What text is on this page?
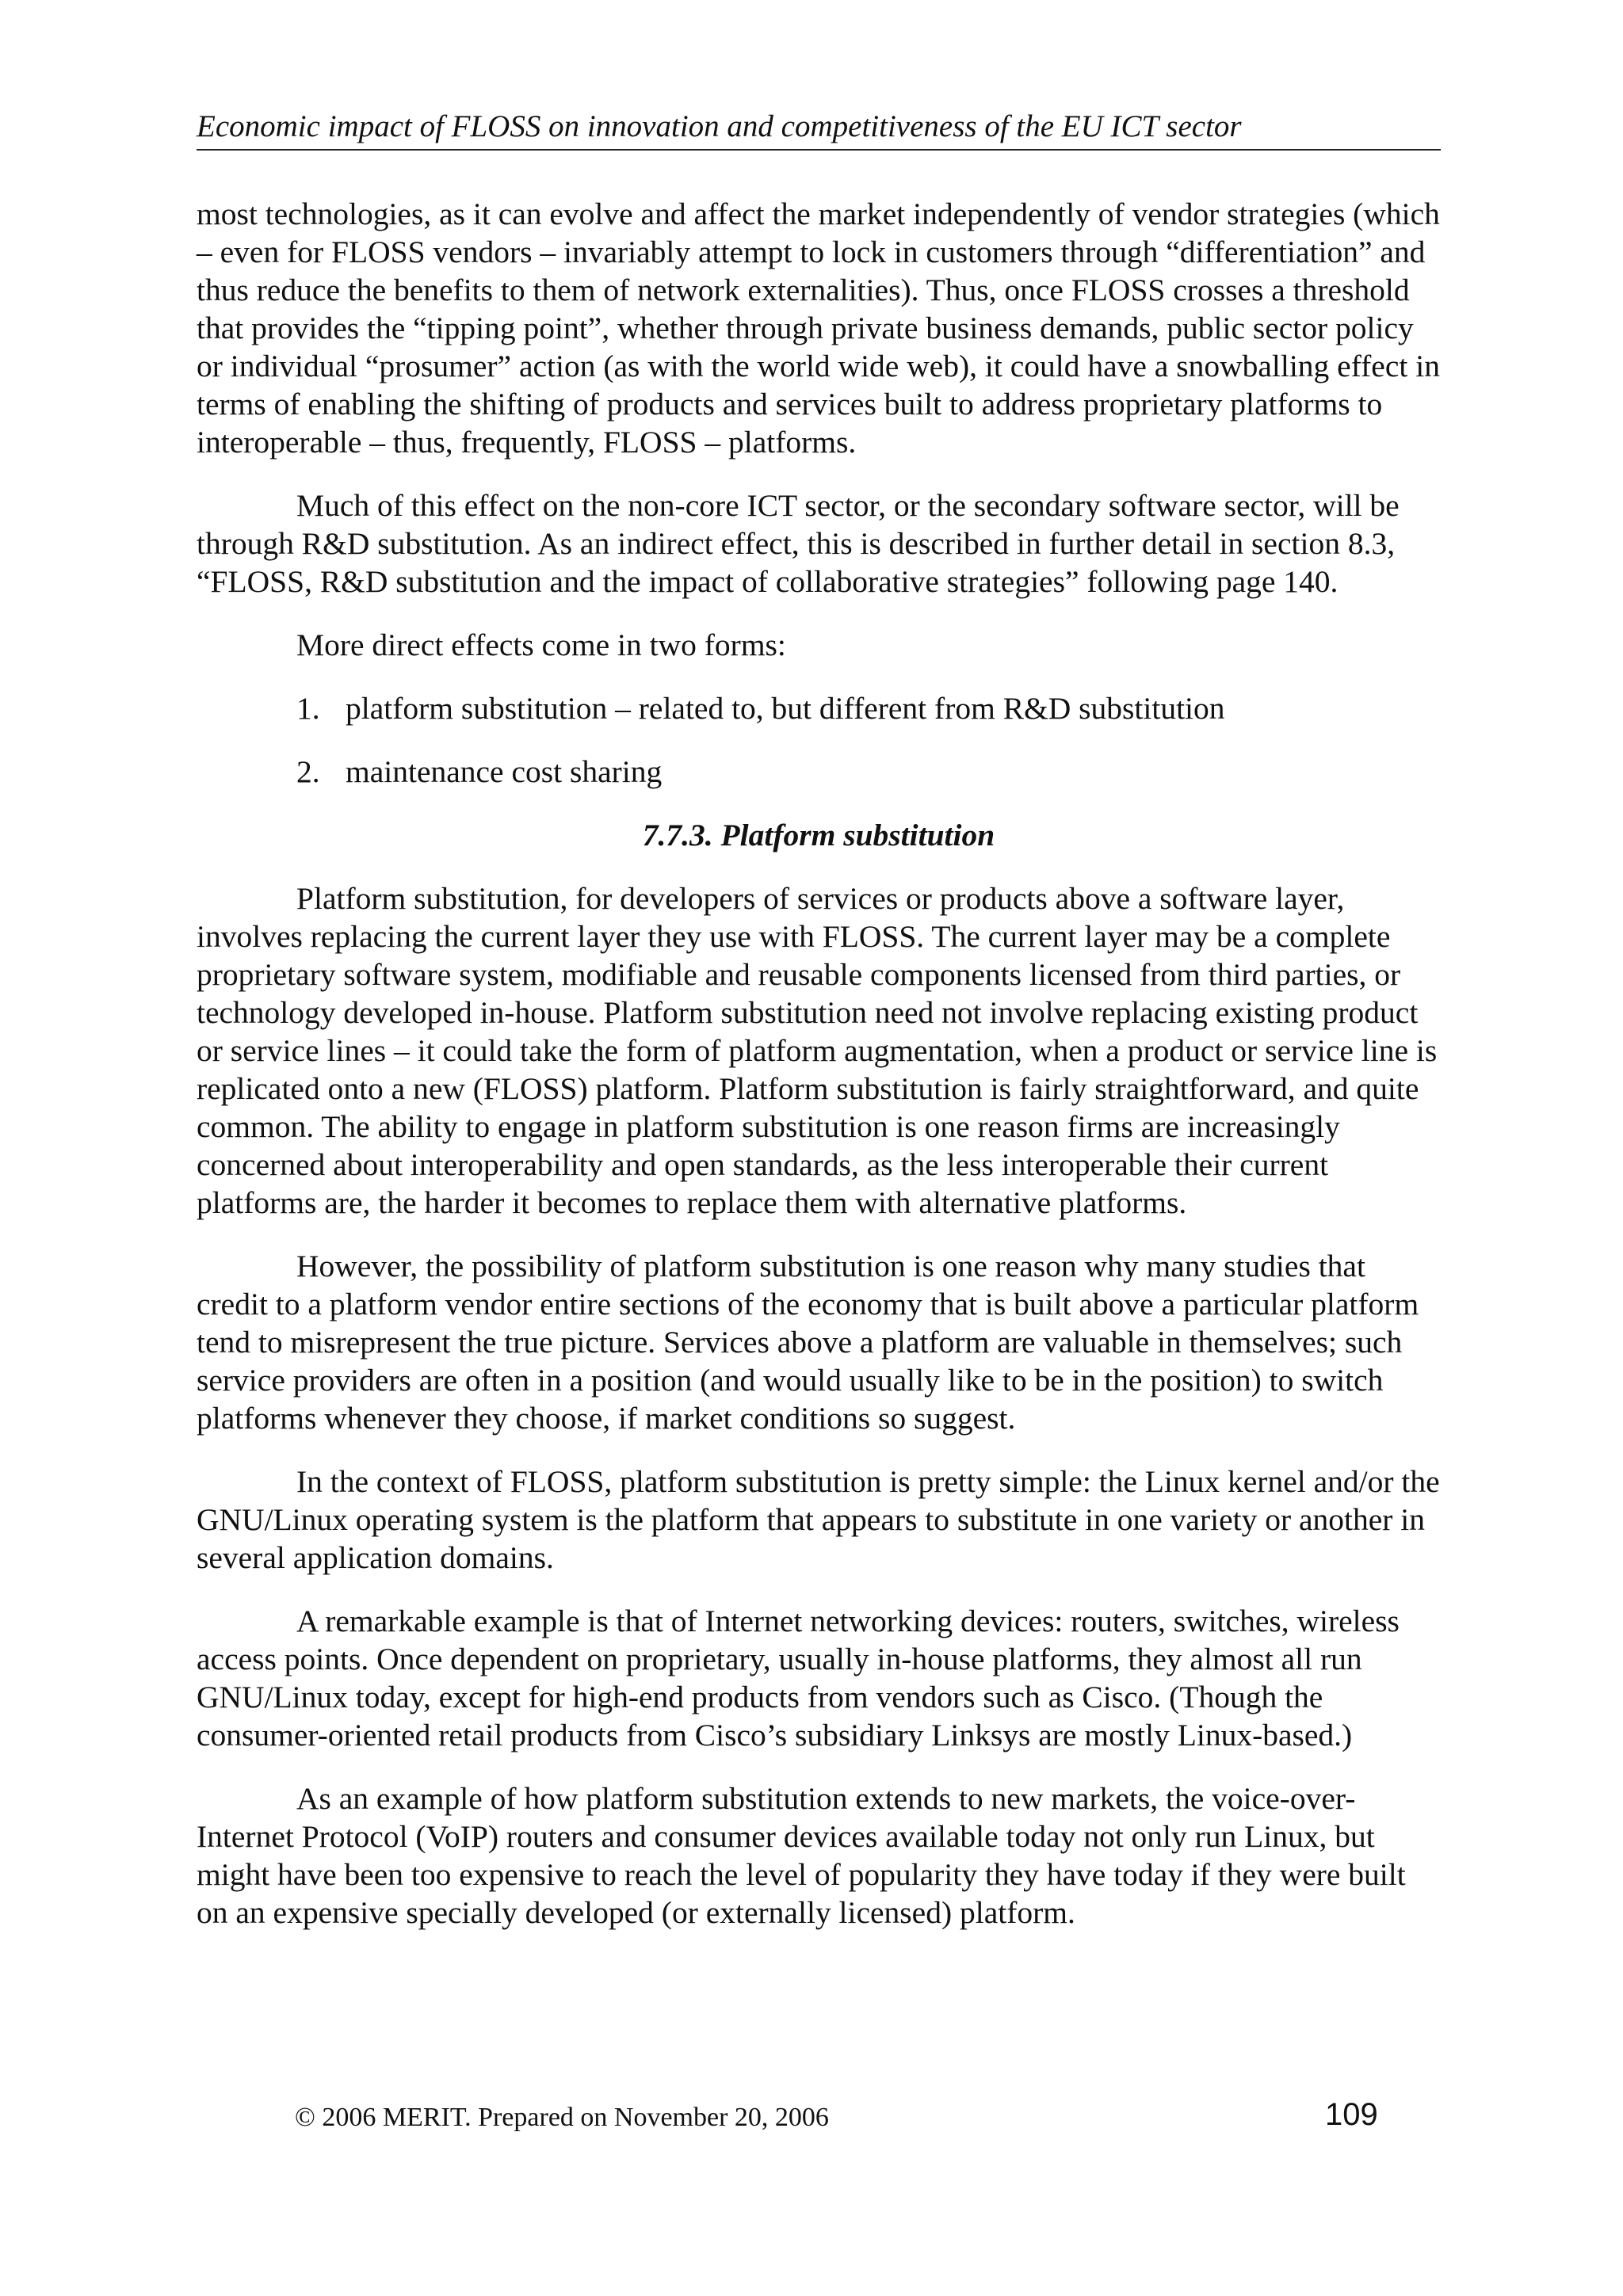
Economic impact of FLOSS on innovation and competitiveness of the EU ICT sector

most technologies, as it can evolve and affect the market independently of vendor strategies (which – even for FLOSS vendors – invariably attempt to lock in customers through “differentiation” and thus reduce the benefits to them of network externalities). Thus, once FLOSS crosses a threshold that provides the “tipping point”, whether through private business demands, public sector policy or individual “prosumer” action (as with the world wide web), it could have a snowballing effect in terms of enabling the shifting of products and services built to address proprietary platforms to interoperable – thus, frequently, FLOSS – platforms.

Much of this effect on the non-core ICT sector, or the secondary software sector, will be through R&D substitution. As an indirect effect, this is described in further detail in section 8.3, “FLOSS, R&D substitution and the impact of collaborative strategies” following page 140.

More direct effects come in two forms:

1. platform substitution – related to, but different from R&D substitution
2. maintenance cost sharing
7.7.3. Platform substitution

Platform substitution, for developers of services or products above a software layer, involves replacing the current layer they use with FLOSS. The current layer may be a complete proprietary software system, modifiable and reusable components licensed from third parties, or technology developed in-house. Platform substitution need not involve replacing existing product or service lines – it could take the form of platform augmentation, when a product or service line is replicated onto a new (FLOSS) platform. Platform substitution is fairly straightforward, and quite common. The ability to engage in platform substitution is one reason firms are increasingly concerned about interoperability and open standards, as the less interoperable their current platforms are, the harder it becomes to replace them with alternative platforms.

However, the possibility of platform substitution is one reason why many studies that credit to a platform vendor entire sections of the economy that is built above a particular platform tend to misrepresent the true picture. Services above a platform are valuable in themselves; such service providers are often in a position (and would usually like to be in the position) to switch platforms whenever they choose, if market conditions so suggest.

In the context of FLOSS, platform substitution is pretty simple: the Linux kernel and/or the GNU/Linux operating system is the platform that appears to substitute in one variety or another in several application domains.

A remarkable example is that of Internet networking devices: routers, switches, wireless access points. Once dependent on proprietary, usually in-house platforms, they almost all run GNU/Linux today, except for high-end products from vendors such as Cisco. (Though the consumer-oriented retail products from Cisco’s subsidiary Linksys are mostly Linux-based.)

As an example of how platform substitution extends to new markets, the voice-over-Internet Protocol (VoIP) routers and consumer devices available today not only run Linux, but might have been too expensive to reach the level of popularity they have today if they were built on an expensive specially developed (or externally licensed) platform.

© 2006 MERIT. Prepared on November 20, 2006	109
